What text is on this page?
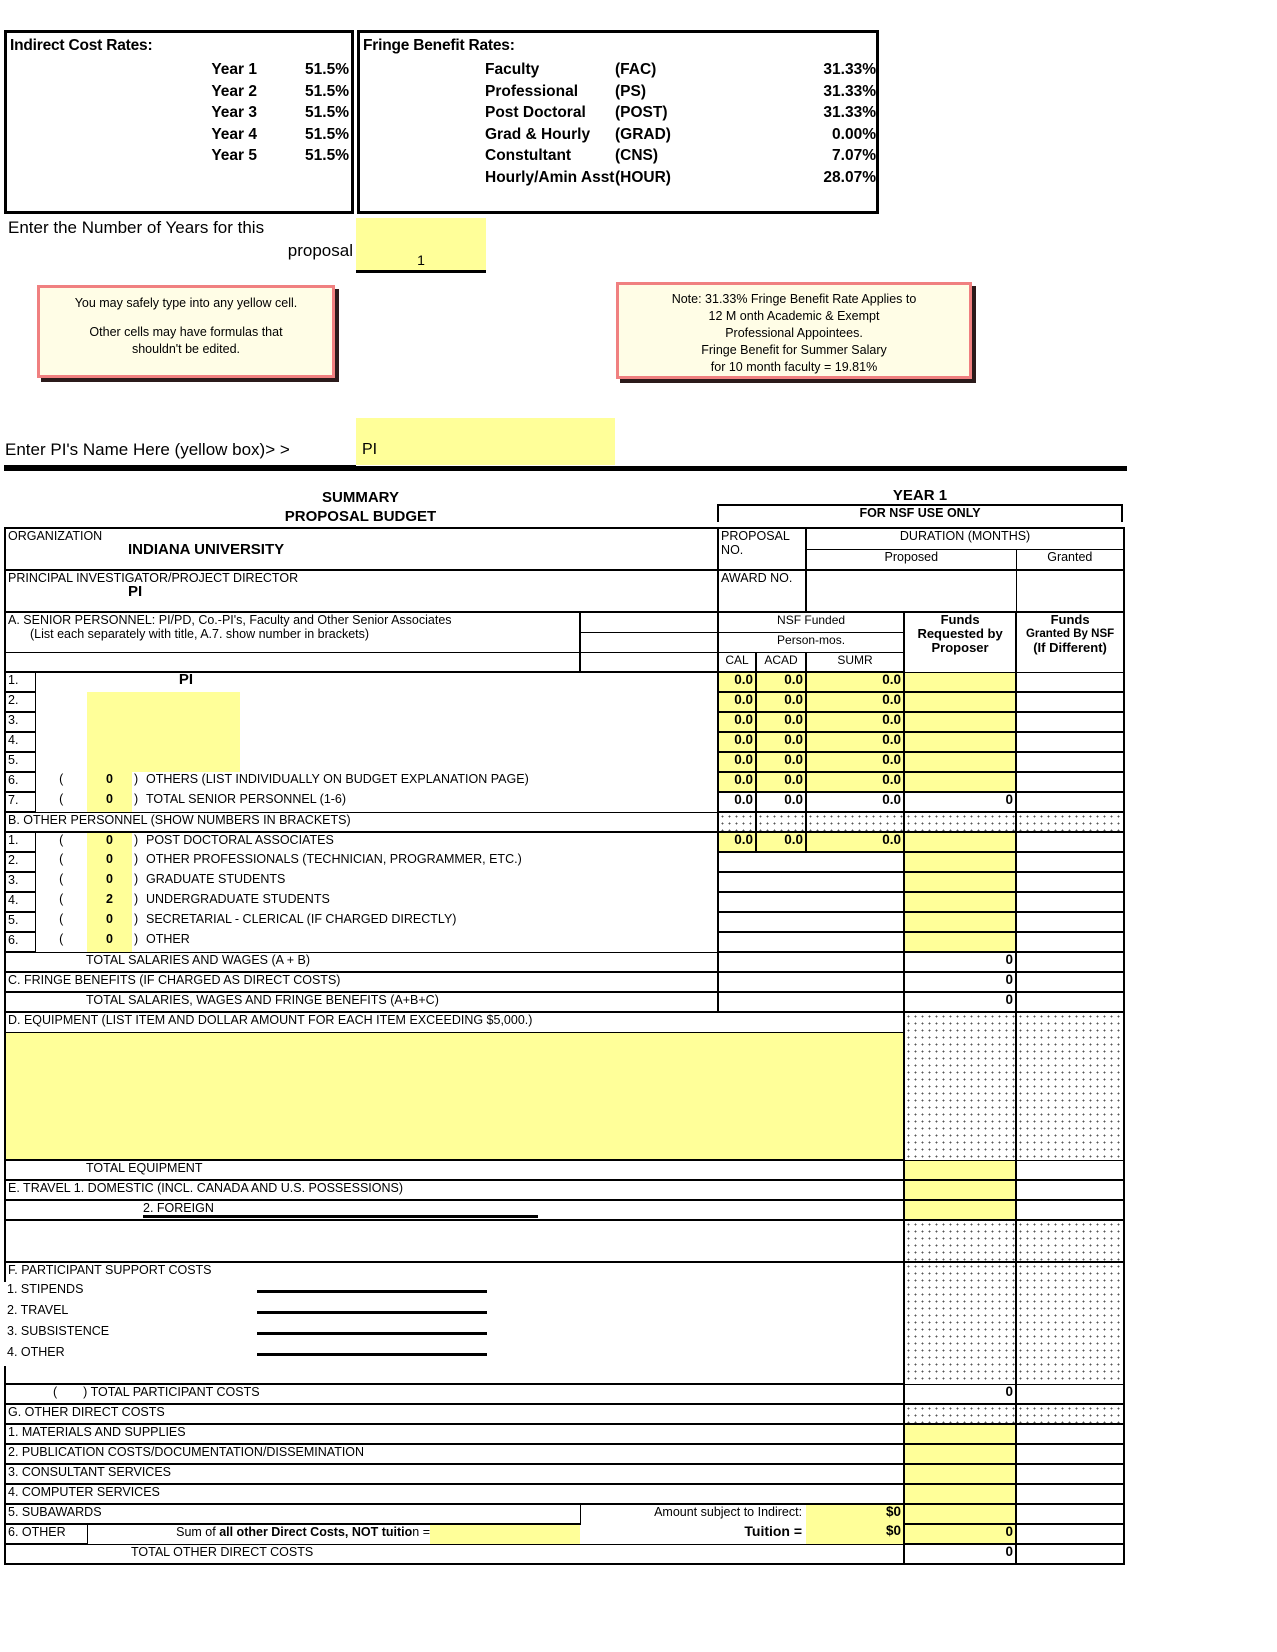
Indirect Cost Rates:
Year 1	51.5%
Year 2	51.5%
Year 3	51.5%
Year 4	51.5%
Year 5	51.5%
Fringe Benefit Rates:
Faculty	(FAC)	31.33%
Professional	(PS)	31.33%
Post Doctoral	(POST)	31.33%
Grad & Hourly	(GRAD)	0.00%
Constultant	(CNS)	7.07%
Hourly/Amin Asst (HOUR)	28.07%
Enter the Number of Years for this
proposal	1
You may safely type into any yellow cell.
Other cells may have formulas that
shouldn't be edited.
Note: 31.33% Fringe Benefit Rate Applies to
12 M onth Academic & Exempt
Professional Appointees.
Fringe Benefit for Summer Salary
for 10 month faculty = 19.81%
Enter PI's Name Here (yellow box)> >	PI
SUMMARY
PROPOSAL BUDGET
YEAR 1
FOR NSF USE ONLY
ORGANIZATION
INDIANA UNIVERSITY							PROPOSAL NO.		DURATION (MONTHS)		
									Proposed		Granted

PRINCIPAL INVESTIGATOR/PROJECT DIRECTOR
PI							AWARD NO.				

A. SENIOR PERSONNEL: PI/PD, Co.-PI's, Faculty and Other Senior Associates
(List each separately with title, A.7. show number in brackets)
		NSF Funded	Funds
Requested by
Proposer

Funds
Granted By NSF
(If Different)

							Person-mos.				
							CAL	ACAD	SUMR		
1.			PI				0.0	0.0	0.0		
2.							0.0	0.0	0.0		
3.							0.0	0.0	0.0		
4.							0.0	0.0	0.0		
5.							0.0	0.0	0.0		
6.	(	0	) OTHERS (LIST INDIVIDUALLY ON BUDGET EXPLANATION PAGE)				0.0	0.0	0.0		
7.	(	0	) TOTAL SENIOR PERSONNEL (1-6)				0.0	0.0	0.0	0	
B. OTHER PERSONNEL (SHOW NUMBERS IN BRACKETS)											
1.	(	0	) POST DOCTORAL ASSOCIATES				0.0	0.0	0.0		
2.	(	0	) OTHER PROFESSIONALS (TECHNICIAN, PROGRAMMER, ETC.)								
3.	(	0	) GRADUATE STUDENTS								
4.	(	2	) UNDERGRADUATE STUDENTS								
5.	(	0	) SECRETARIAL - CLERICAL (IF CHARGED DIRECTLY)								
6.	(	0	) OTHER								
TOTAL SALARIES AND WAGES (A + B)										0	
C. FRINGE BENEFITS (IF CHARGED AS DIRECT COSTS)										0	
TOTAL SALARIES, WAGES AND FRINGE BENEFITS (A+B+C)										0	
D. EQUIPMENT (LIST ITEM AND DOLLAR AMOUNT FOR EACH ITEM EXCEEDING $5,000.)											

TOTAL EQUIPMENT											
E. TRAVEL 1. DOMESTIC (INCL. CANADA AND U.S. POSSESSIONS)											
2. FOREIGN											

F. PARTICIPANT SUPPORT COSTS											
1. STIPENDS											
2. TRAVEL											
3. SUBSISTENCE											
4. OTHER											

( ) TOTAL PARTICIPANT COSTS										0	
G. OTHER DIRECT COSTS											
1. MATERIALS AND SUPPLIES											
2. PUBLICATION COSTS/DOCUMENTATION/DISSEMINATION											
3. CONSULTANT SERVICES											
4. COMPUTER SERVICES											
5. SUBAWARDS						Amount subject to Indirect:			$0		
6. OTHER		Sum of all other Direct Costs, NOT tuition =				Tuition =			$0	0	
TOTAL OTHER DIRECT COSTS										0	
